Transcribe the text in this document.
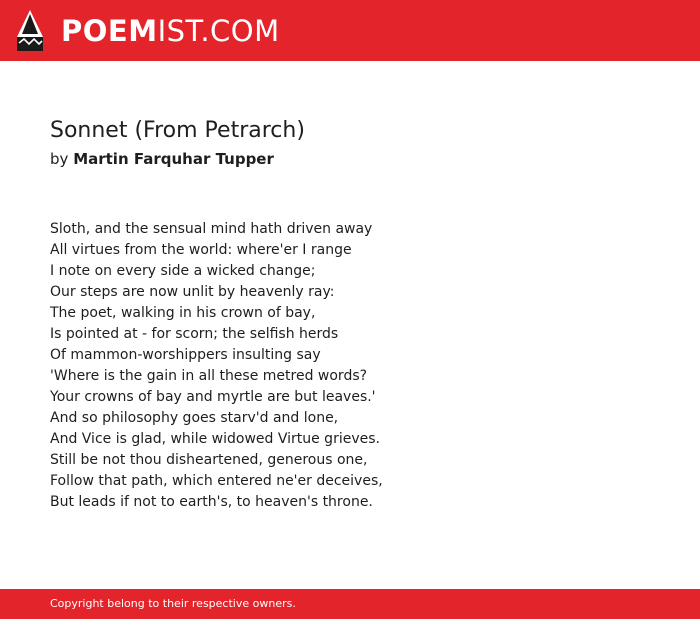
POEMIST.COM
Sonnet (From Petrarch)
by Martin Farquhar Tupper
Sloth, and the sensual mind hath driven away
All virtues from the world: where'er I range
I note on every side a wicked change;
Our steps are now unlit by heavenly ray:
The poet, walking in his crown of bay,
Is pointed at - for scorn; the selfish herds
Of mammon-worshippers insulting say
'Where is the gain in all these metred words?
Your crowns of bay and myrtle are but leaves.'
And so philosophy goes starv'd and lone,
And Vice is glad, while widowed Virtue grieves.
Still be not thou disheartened, generous one,
Follow that path, which entered ne'er deceives,
But leads if not to earth's, to heaven's throne.
Copyright belong to their respective owners.
